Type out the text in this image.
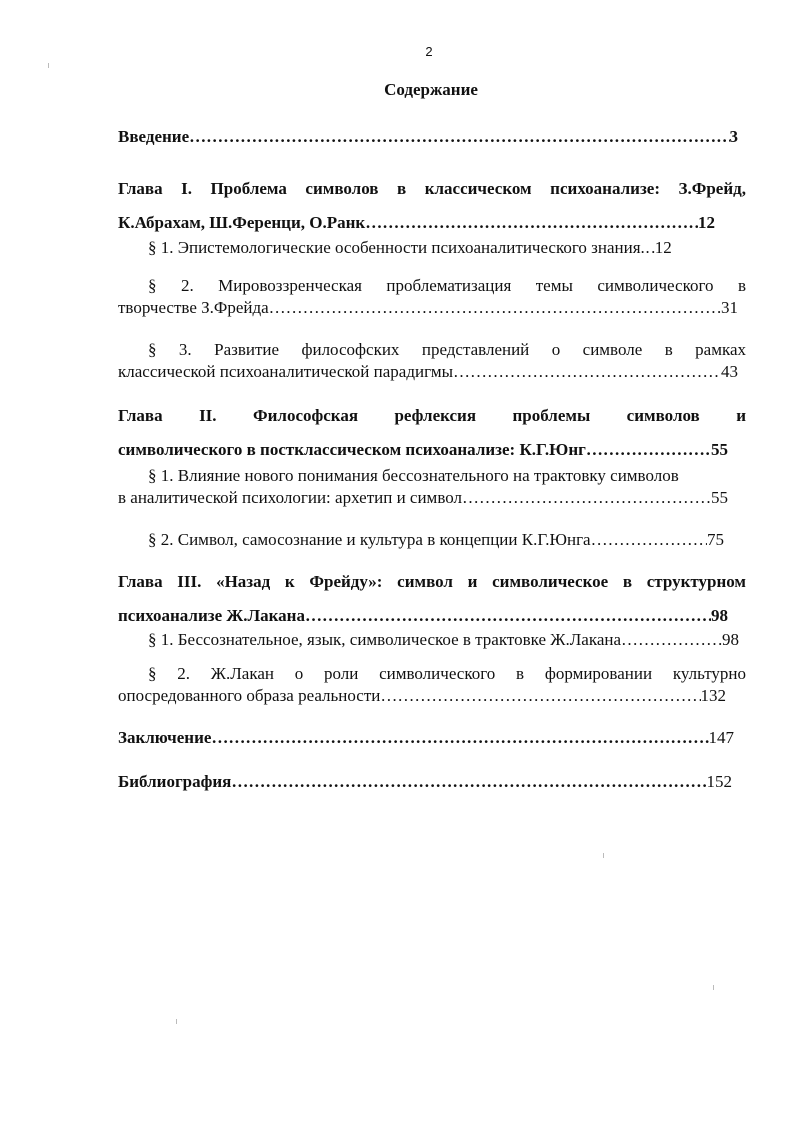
2
Содержание
Введение ……………………………………………………………………………………………………………………………………………………………………	3
Глава I. Проблема символов в классическом психоанализе: З.Фрейд,
К.Абрахам, Ш.Ференци, О.Ранк ……………………………………………………………………………………………………………………………………………………………………	12
§ 1. Эпистемологические особенности психоаналитического знания. …………………………………………………………………………………………………………………………………………………………………… 12
§ 2. Мировоззренческая проблематизация темы символического в
творчестве З.Фрейда ……………………………………………………………………………………………………………………………………………………………………	31
§ 3. Развитие философских представлений о символе в рамках
классической психоаналитической парадигмы ……………………………………………………………………………………………………………………………………………………………………	43
Глава II. Философская рефлексия проблемы символов и
символического в постклассическом психоанализе: К.Г.Юнг ……………………………………………………………………………………………………………………………………………………………………	55
§ 1. Влияние нового понимания бессознательного на трактовку символов
в аналитической психологии: архетип и символ ……………………………………………………………………………………………………………………………………………………………………	55
§ 2. Символ, самосознание и культура в концепции К.Г.Юнга ……………………………………………………………………………………………………………………………………………………………………	75
Глава III. «Назад к Фрейду»: символ и символическое в структурном
психоанализе Ж.Лакана ……………………………………………………………………………………………………………………………………………………………………	98
§ 1. Бессознательное, язык, символическое в трактовке Ж.Лакана ……………………………………………………………………………………………………………………………………………………………………	98
§ 2. Ж.Лакан о роли символического в формировании культурно
опосредованного образа реальности ……………………………………………………………………………………………………………………………………………………………………	132
Заключение ……………………………………………………………………………………………………………………………………………………………………	147
Библиография ……………………………………………………………………………………………………………………………………………………………………	152
